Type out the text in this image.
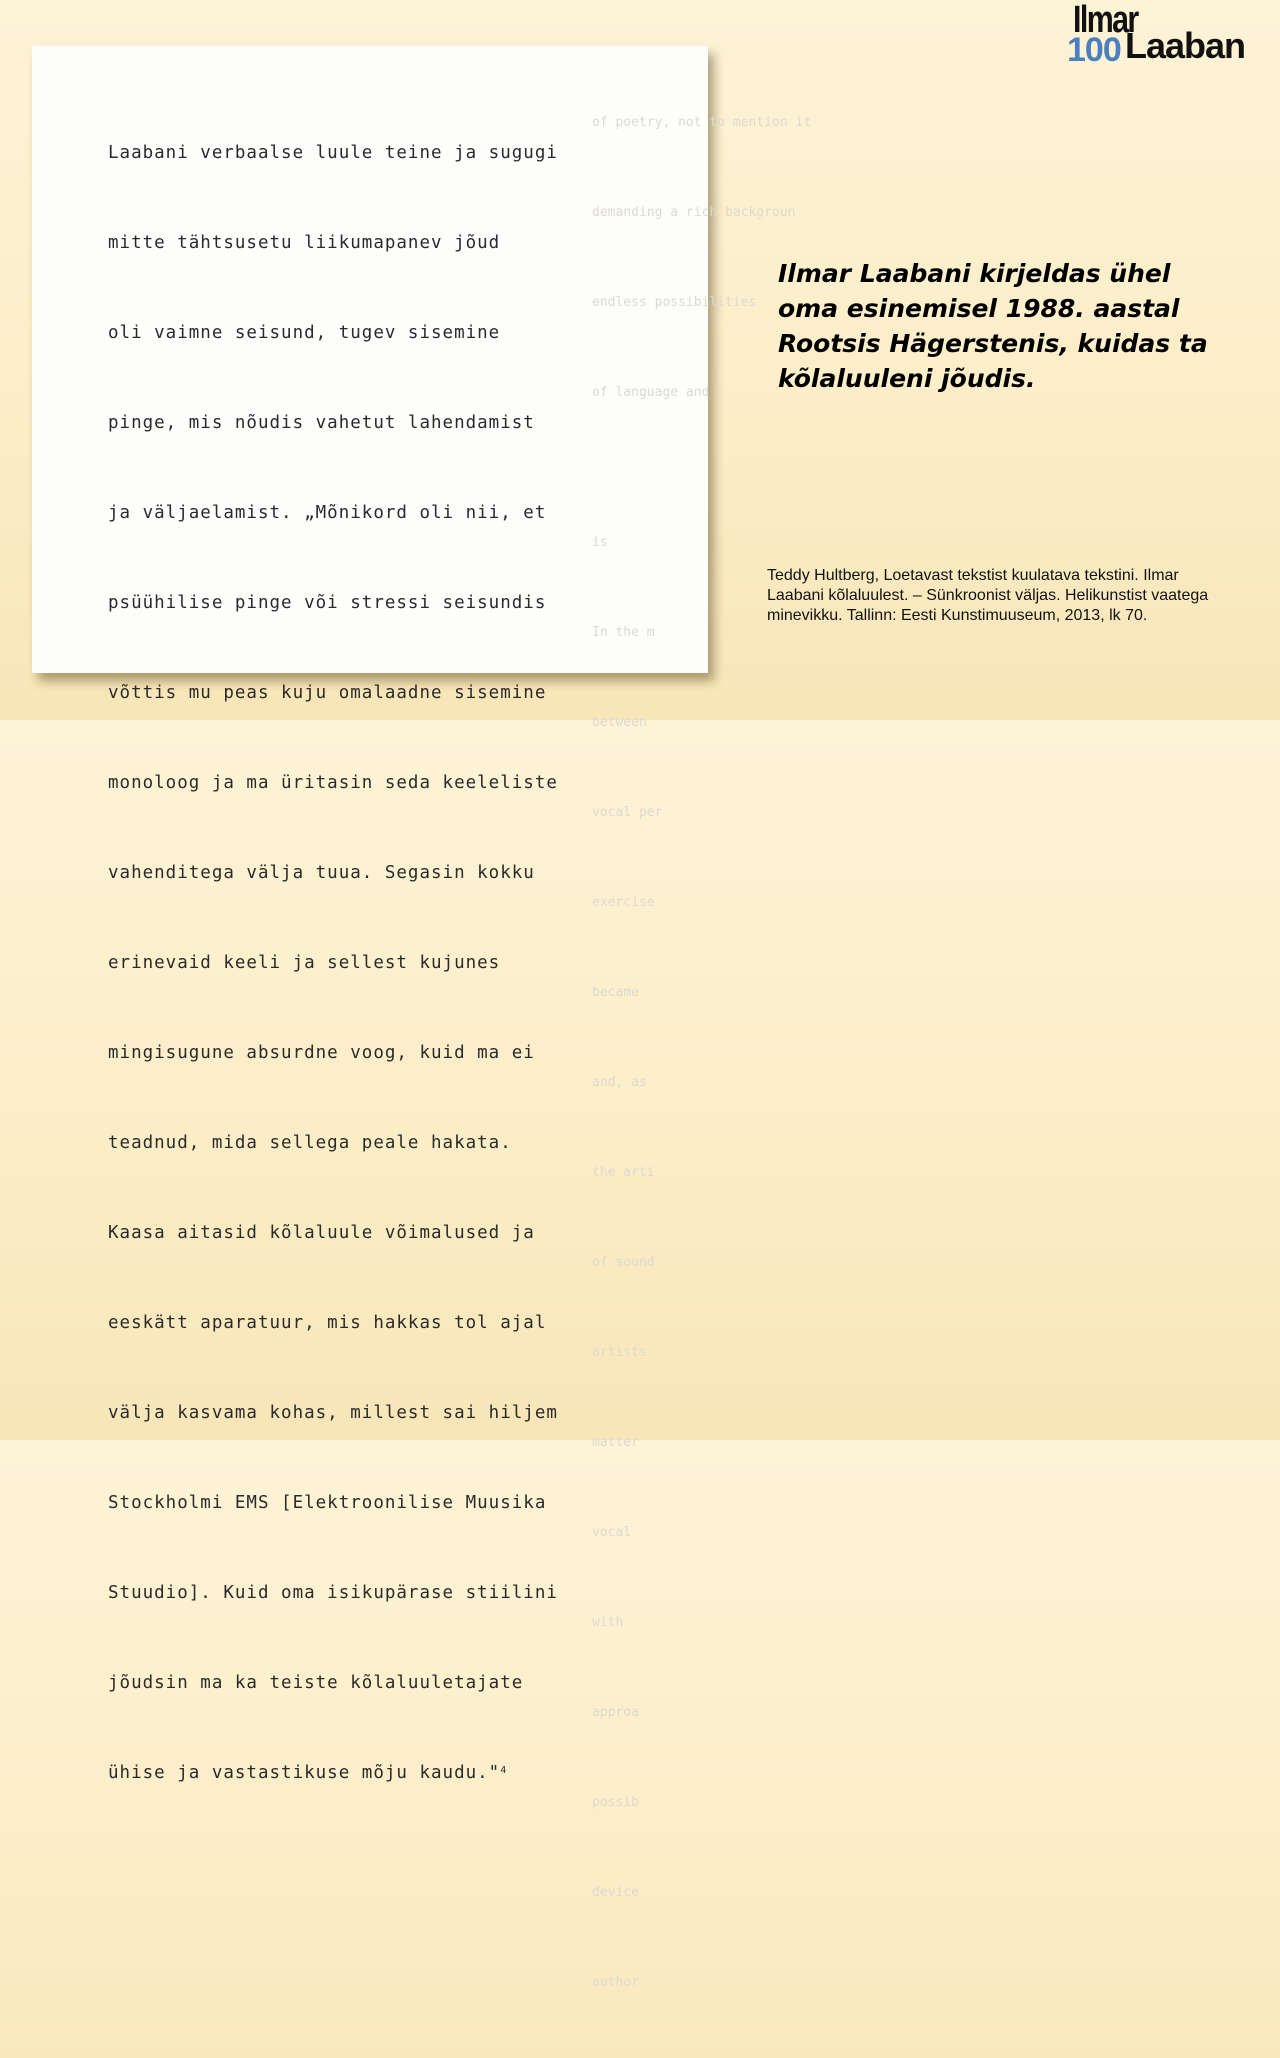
Ilmar
100 Laaban

of poetry, not to mention it

demanding a rich backgroun

endless possibilities

of language and

is

In the m

between

vocal per

exercise

became

and, as

the arti

of sound

artists

matter

vocal

with

approa

possib

device

author

Laabani verbaalse luule teine ja sugugi

mitte tähtsusetu liikumapanev jõud

oli vaimne seisund, tugev sisemine

pinge, mis nõudis vahetut lahendamist

ja väljaelamist. „Mõnikord oli nii, et

psüühilise pinge või stressi seisundis

võttis mu peas kuju omalaadne sisemine

monoloog ja ma üritasin seda keeleliste

vahenditega välja tuua. Segasin kokku

erinevaid keeli ja sellest kujunes

mingisugune absurdne voog, kuid ma ei

teadnud, mida sellega peale hakata.

Kaasa aitasid kõlaluule võimalused ja

eeskätt aparatuur, mis hakkas tol ajal

välja kasvama kohas, millest sai hiljem

Stockholmi EMS [Elektroonilise Muusika

Stuudio]. Kuid oma isikupärase stiilini

jõudsin ma ka teiste kõlaluuletajate

ühise ja vastastikuse mõju kaudu."$^4$

Ilmar Laabani kirjeldas ühel
oma esinemisel 1988. aastal
Rootsis Hägerstenis, kuidas ta
kõlaluuleni jõudis.
Teddy Hultberg, Loetavast tekstist kuulatava tekstini. Ilmar
Laabani kõlaluulest. – Sünkroonist väljas. Helikunstist vaatega
minevikku. Tallinn: Eesti Kunstimuuseum, 2013, lk 70.
